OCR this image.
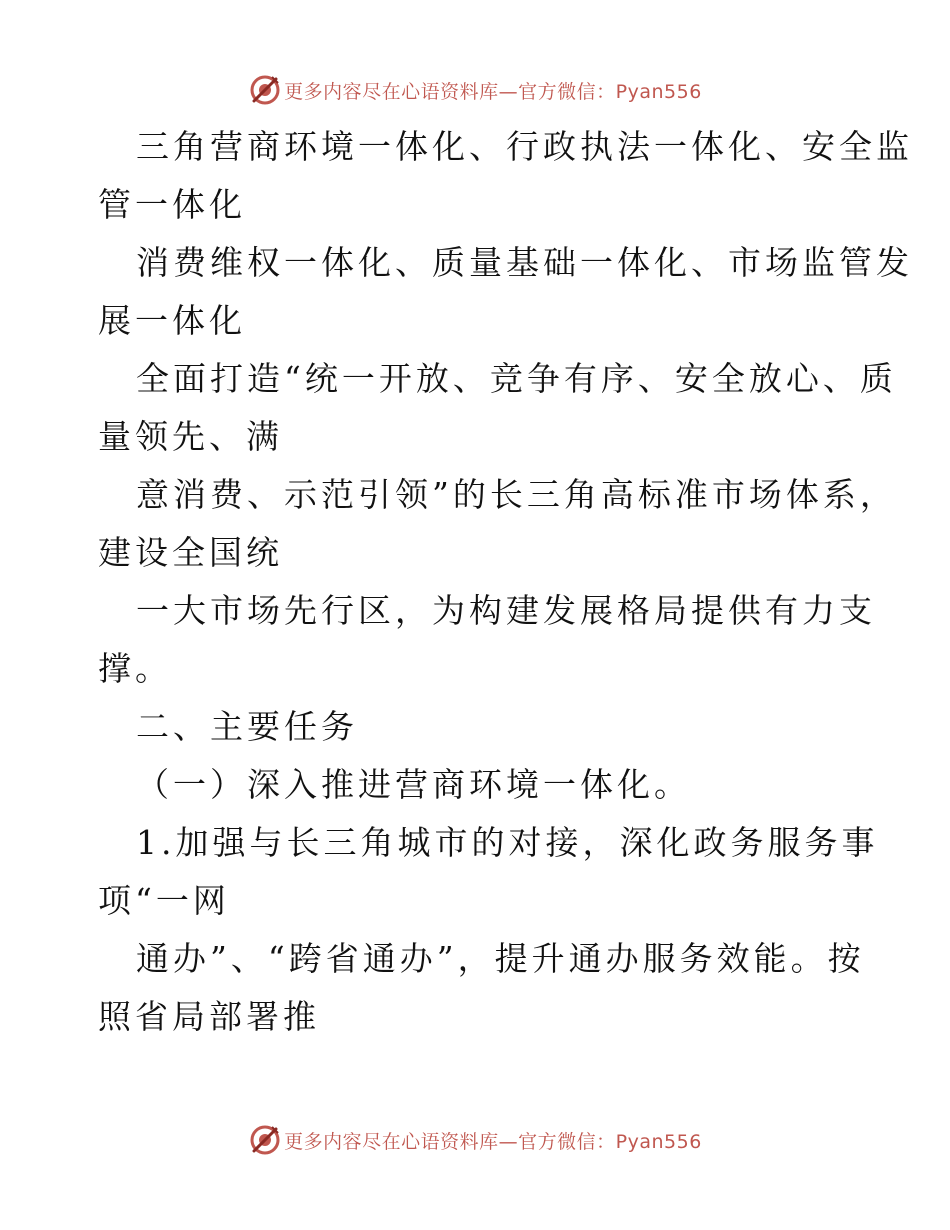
更多内容尽在心语资料库—官方微信：Pyan556
三角营商环境一体化、行政执法一体化、安全监
管一体化
消费维权一体化、质量基础一体化、市场监管发
展一体化
全面打造“统一开放、竞争有序、安全放心、质
量领先、满
意消费、示范引领”的长三角高标准市场体系，
建设全国统
一大市场先行区，为构建发展格局提供有力支
撑。
二、主要任务
（一）深入推进营商环境一体化。
1.加强与长三角城市的对接，深化政务服务事
项“一网
通办”、“跨省通办”，提升通办服务效能。按
照省局部署推
更多内容尽在心语资料库—官方微信：Pyan556
